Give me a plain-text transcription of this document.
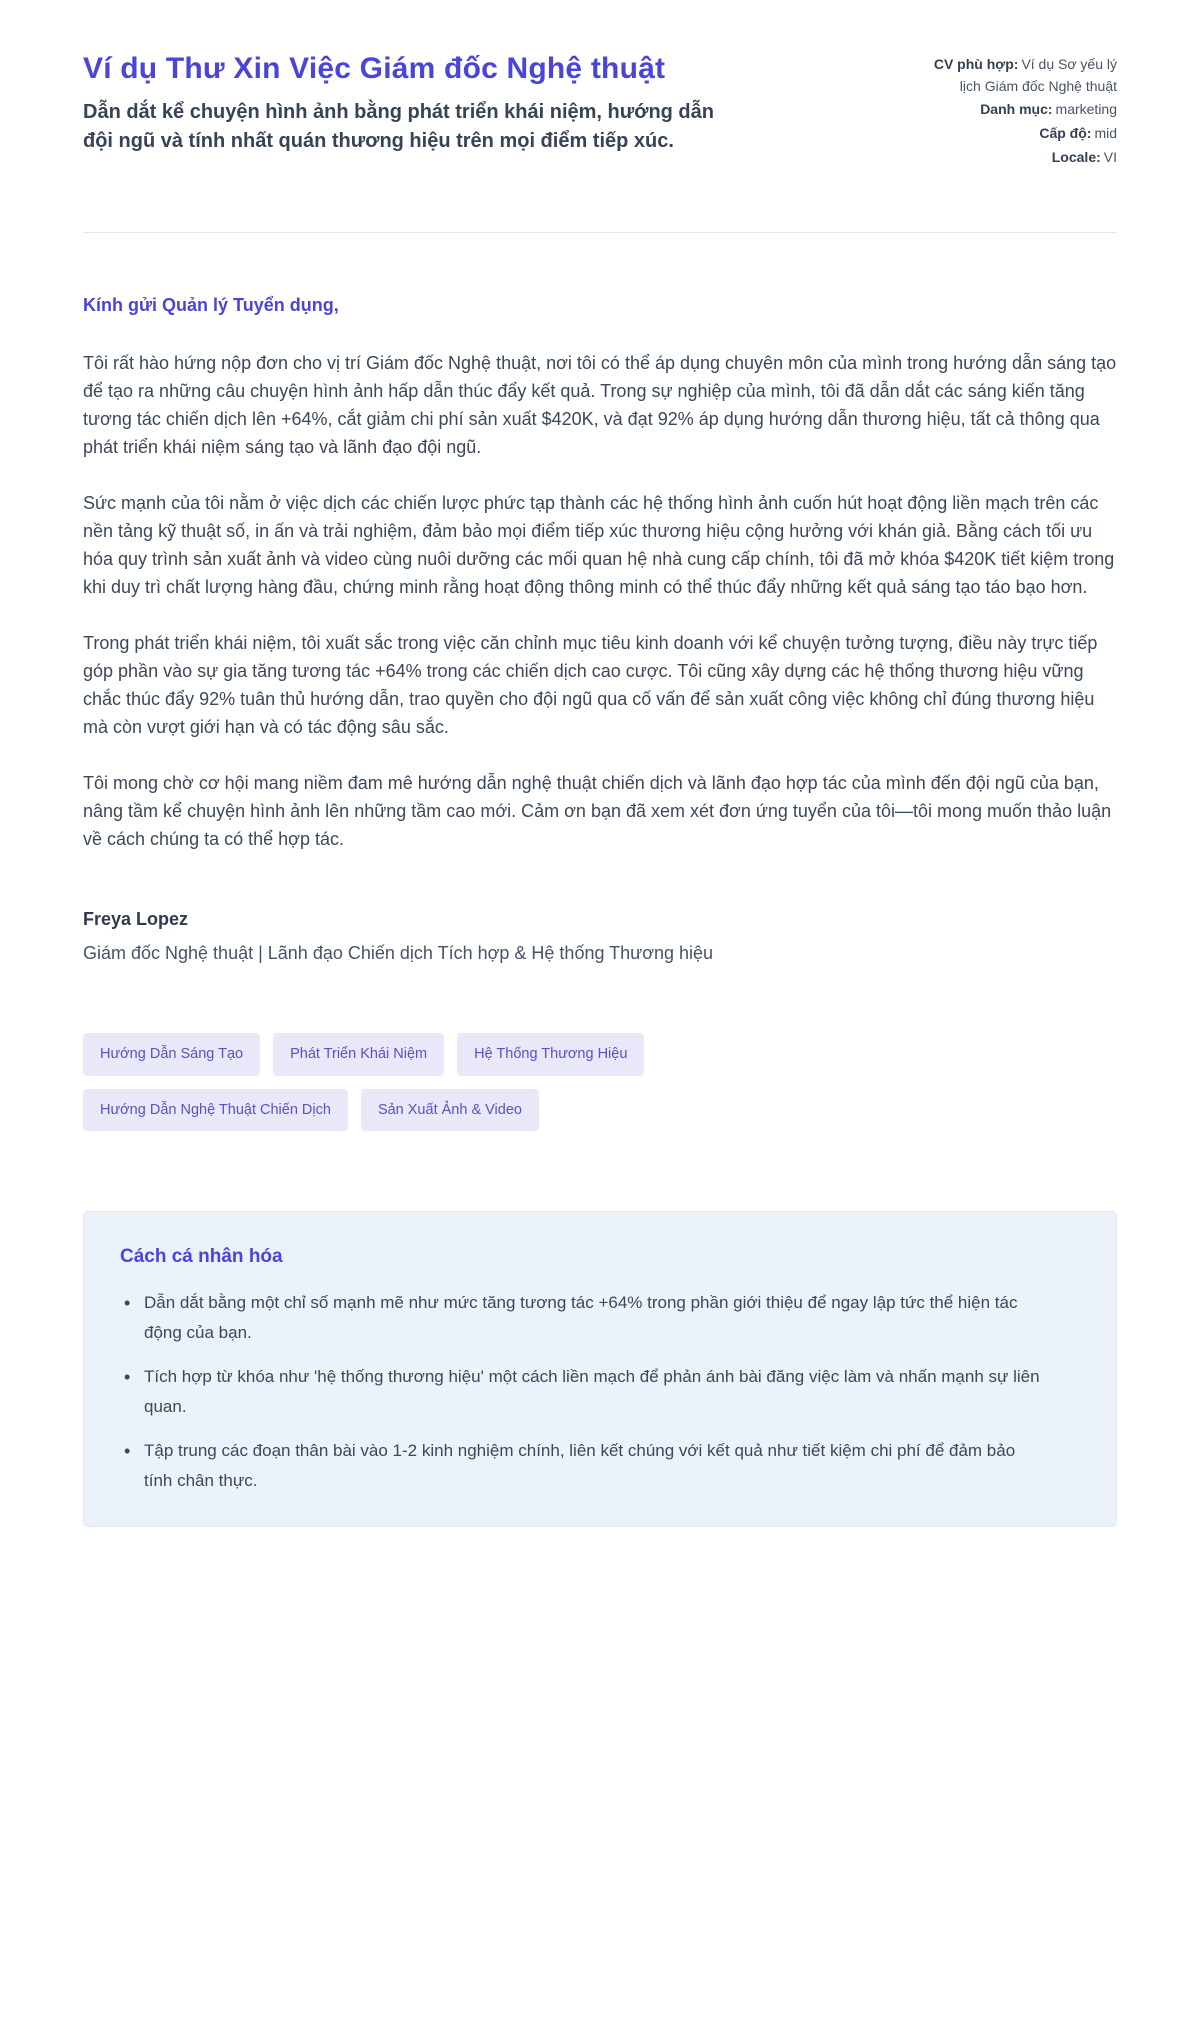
Ví dụ Thư Xin Việc Giám đốc Nghệ thuật

Dẫn dắt kể chuyện hình ảnh bằng phát triển khái niệm, hướng dẫn đội ngũ và tính nhất quán thương hiệu trên mọi điểm tiếp xúc.

CV phù hợp: Ví dụ Sơ yếu lý lịch Giám đốc Nghệ thuật
Danh mục: marketing
Cấp độ: mid
Locale: VI

Kính gửi Quản lý Tuyển dụng,

Tôi rất hào hứng nộp đơn cho vị trí Giám đốc Nghệ thuật, nơi tôi có thể áp dụng chuyên môn của mình trong hướng dẫn sáng tạo để tạo ra những câu chuyện hình ảnh hấp dẫn thúc đẩy kết quả. Trong sự nghiệp của mình, tôi đã dẫn dắt các sáng kiến tăng tương tác chiến dịch lên +64%, cắt giảm chi phí sản xuất $420K, và đạt 92% áp dụng hướng dẫn thương hiệu, tất cả thông qua phát triển khái niệm sáng tạo và lãnh đạo đội ngũ.

Sức mạnh của tôi nằm ở việc dịch các chiến lược phức tạp thành các hệ thống hình ảnh cuốn hút hoạt động liền mạch trên các nền tảng kỹ thuật số, in ấn và trải nghiệm, đảm bảo mọi điểm tiếp xúc thương hiệu cộng hưởng với khán giả. Bằng cách tối ưu hóa quy trình sản xuất ảnh và video cùng nuôi dưỡng các mối quan hệ nhà cung cấp chính, tôi đã mở khóa $420K tiết kiệm trong khi duy trì chất lượng hàng đầu, chứng minh rằng hoạt động thông minh có thể thúc đẩy những kết quả sáng tạo táo bạo hơn.

Trong phát triển khái niệm, tôi xuất sắc trong việc căn chỉnh mục tiêu kinh doanh với kể chuyện tưởng tượng, điều này trực tiếp góp phần vào sự gia tăng tương tác +64% trong các chiến dịch cao cược. Tôi cũng xây dựng các hệ thống thương hiệu vững chắc thúc đẩy 92% tuân thủ hướng dẫn, trao quyền cho đội ngũ qua cố vấn để sản xuất công việc không chỉ đúng thương hiệu mà còn vượt giới hạn và có tác động sâu sắc.

Tôi mong chờ cơ hội mang niềm đam mê hướng dẫn nghệ thuật chiến dịch và lãnh đạo hợp tác của mình đến đội ngũ của bạn, nâng tầm kể chuyện hình ảnh lên những tầm cao mới. Cảm ơn bạn đã xem xét đơn ứng tuyển của tôi—tôi mong muốn thảo luận về cách chúng ta có thể hợp tác.

Freya Lopez

Giám đốc Nghệ thuật | Lãnh đạo Chiến dịch Tích hợp & Hệ thống Thương hiệu

Hướng Dẫn Sáng Tạo	Phát Triển Khái Niệm	Hệ Thống Thương Hiệu
Hướng Dẫn Nghệ Thuật Chiến Dịch	Sản Xuất Ảnh & Video
Cách cá nhân hóa
• Dẫn dắt bằng một chỉ số mạnh mẽ như mức tăng tương tác +64% trong phần giới thiệu để ngay lập tức thể hiện tác động của bạn.
• Tích hợp từ khóa như 'hệ thống thương hiệu' một cách liền mạch để phản ánh bài đăng việc làm và nhấn mạnh sự liên quan.
• Tập trung các đoạn thân bài vào 1-2 kinh nghiệm chính, liên kết chúng với kết quả như tiết kiệm chi phí để đảm bảo tính chân thực.
